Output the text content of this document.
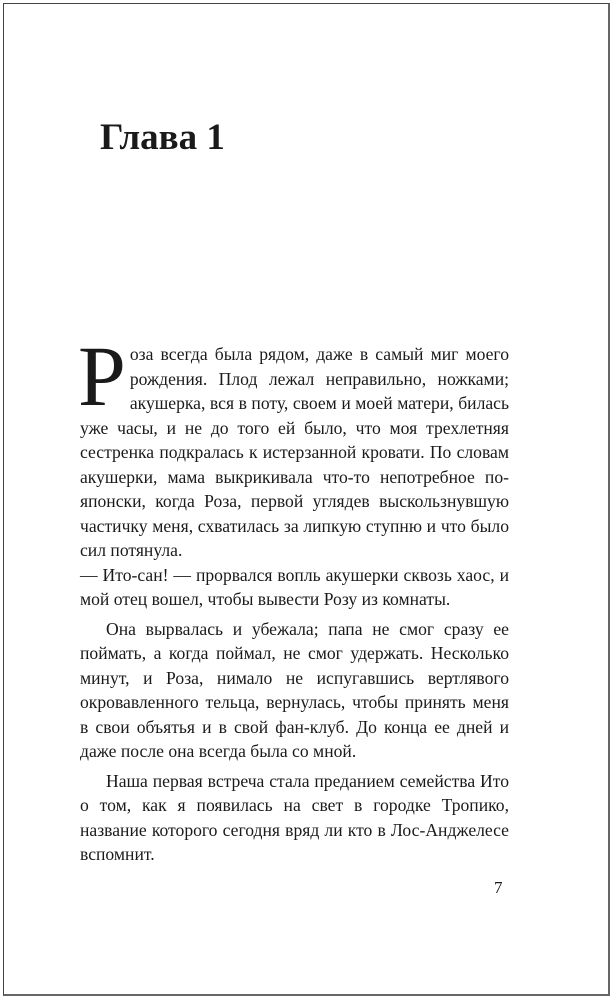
Глава 1

Роза всегда была рядом, даже в самый миг моего рождения. Плод лежал неправильно, ножками; акушерка, вся в поту, своем и моей матери, билась уже часы, и не до того ей было, что моя трехлетняя сестренка подкралась к истерзанной кровати. По словам акушерки, мама выкрикивала что-то непотребное по-японски, когда Роза, первой углядев выскользнувшую частичку меня, схватилась за липкую ступню и что было сил потянула.

— Ито-сан! — прорвался вопль акушерки сквозь хаос, и мой отец вошел, чтобы вывести Розу из комнаты.

Она вырвалась и убежала; папа не смог сразу ее поймать, а когда поймал, не смог удержать. Несколько минут, и Роза, нимало не испугавшись вертлявого окровавленного тельца, вернулась, чтобы принять меня в свои объятья и в свой фан-клуб. До конца ее дней и даже после она всегда была со мной.

Наша первая встреча стала преданием семейства Ито о том, как я появилась на свет в городке Тропико, название которого сегодня вряд ли кто в Лос-Анджелесе вспомнит.

7
